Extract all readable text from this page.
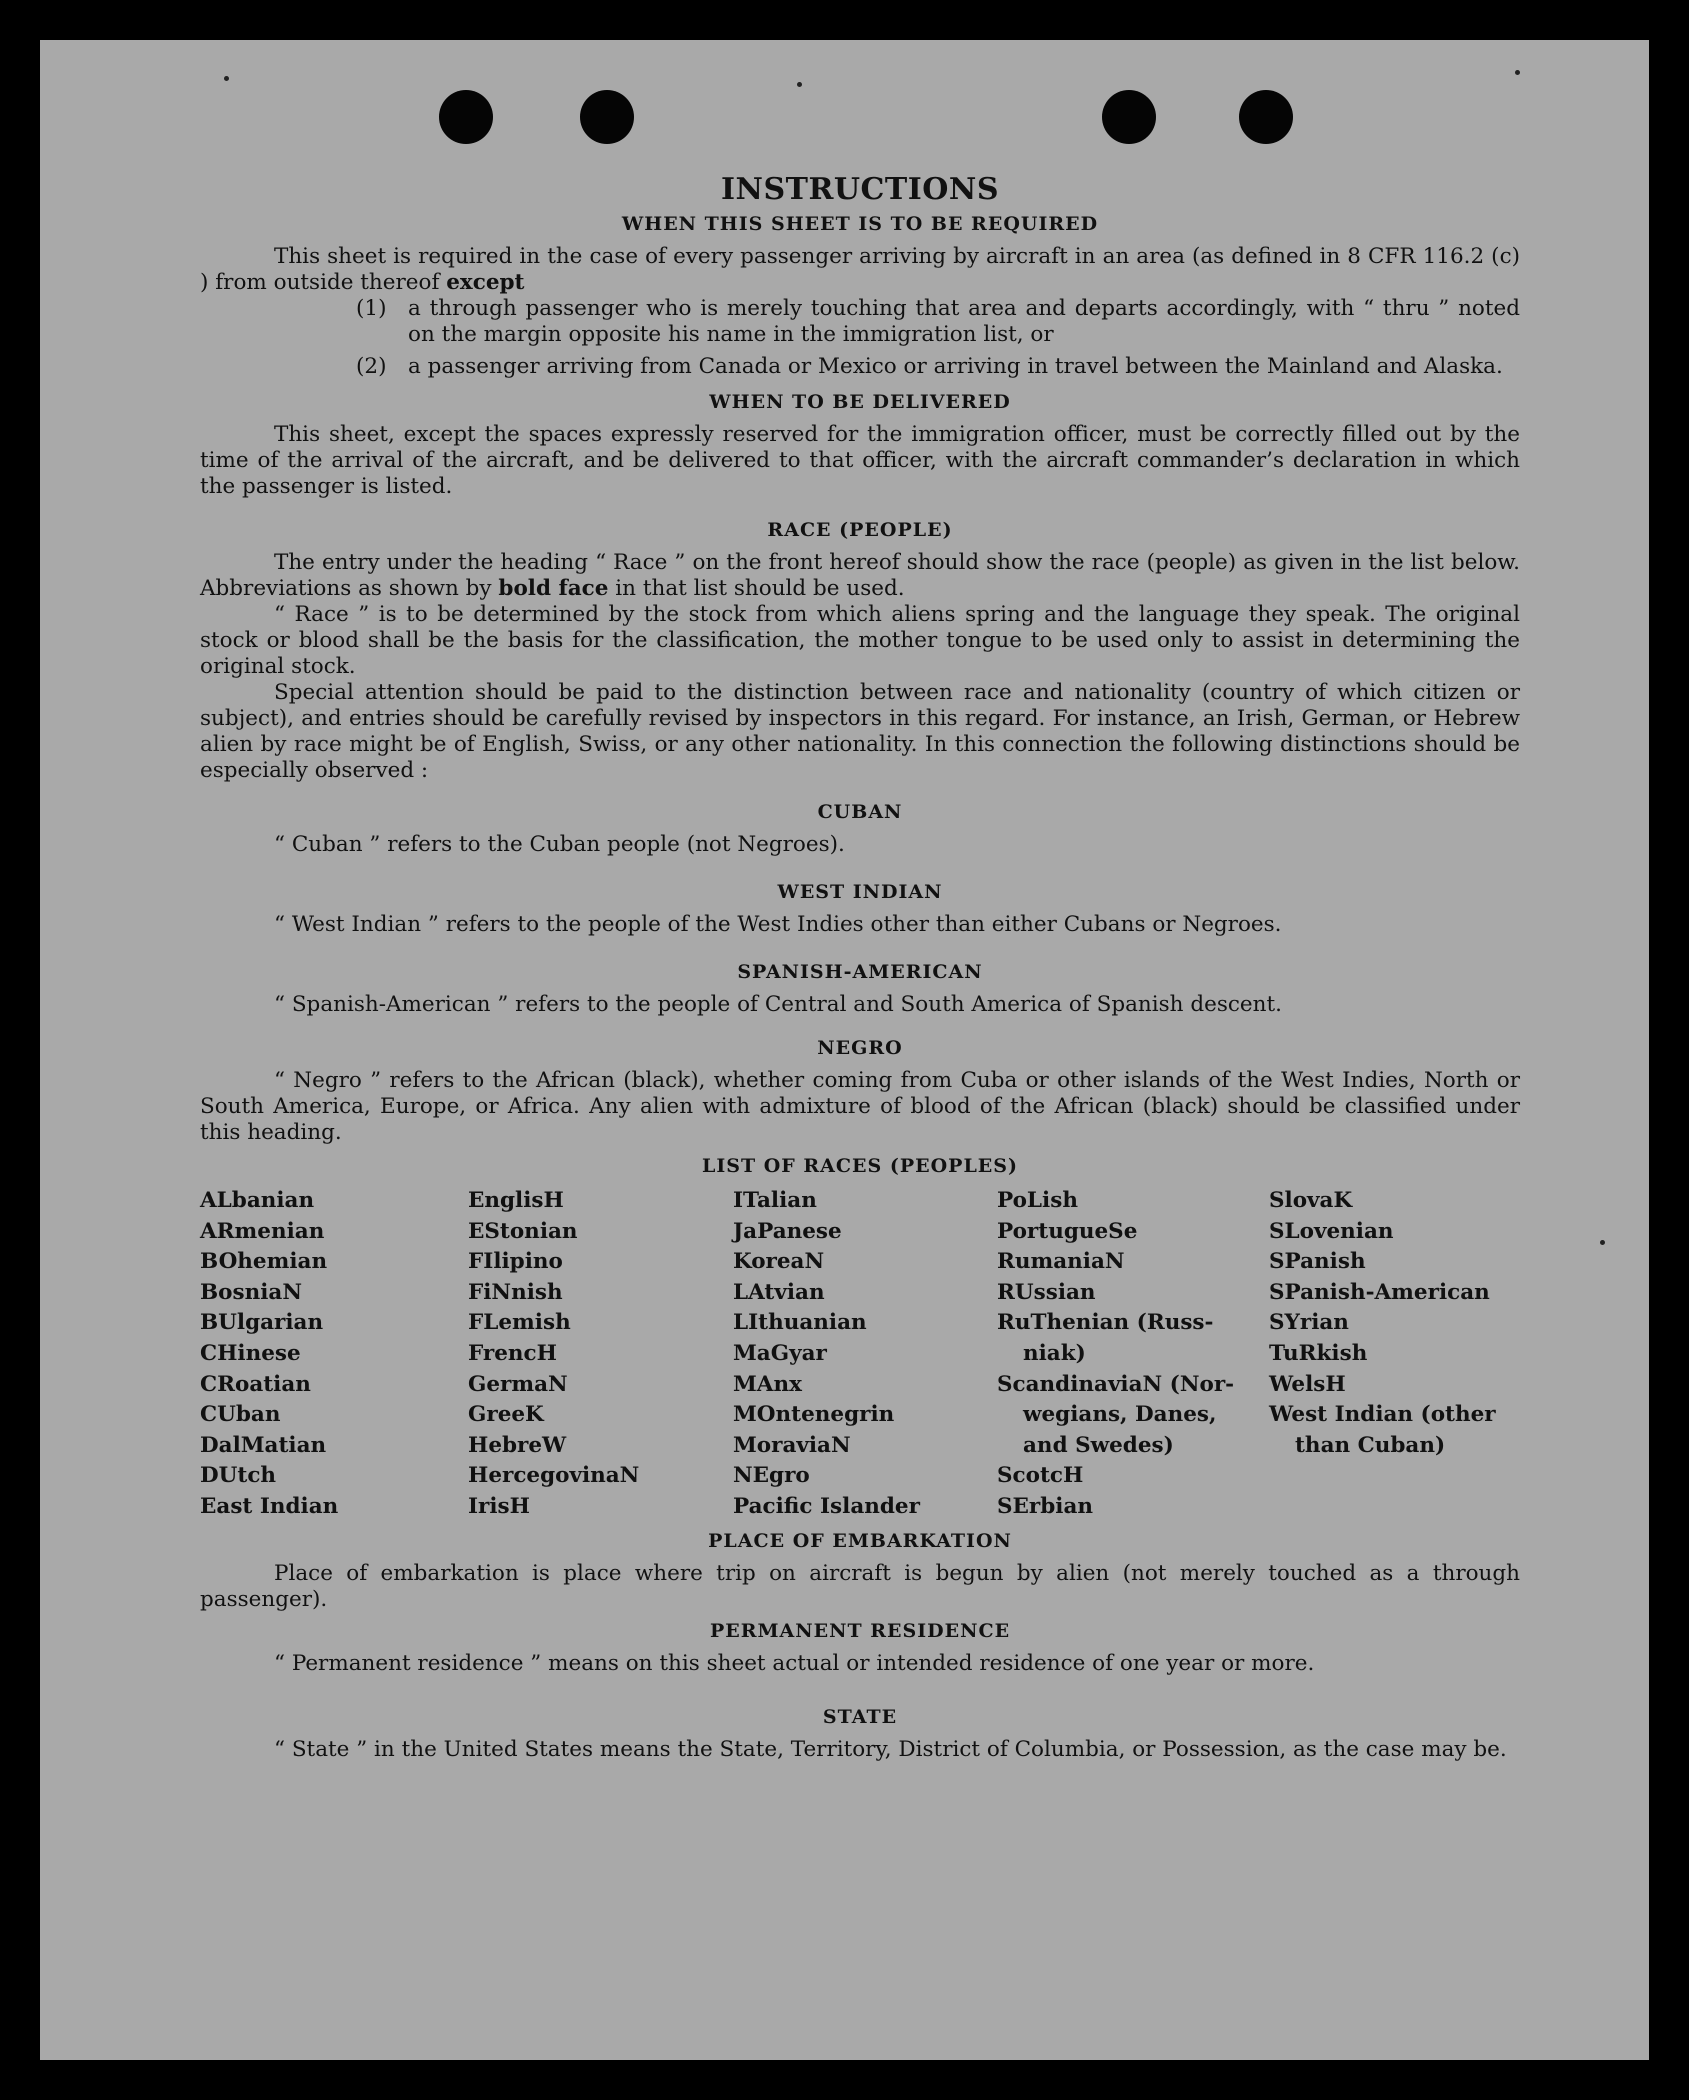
INSTRUCTIONS
WHEN THIS SHEET IS TO BE REQUIRED

This sheet is required in the case of every passenger arriving by aircraft in an area (as defined in 8 CFR 116.2 (c) ) from outside thereof except

(1)	a through passenger who is merely touching that area and departs accordingly, with “ thru ” noted on the margin opposite his name in the immigration list, or
(2)	a passenger arriving from Canada or Mexico or arriving in travel between the Mainland and Alaska.
WHEN TO BE DELIVERED

This sheet, except the spaces expressly reserved for the immigration officer, must be correctly filled out by the time of the arrival of the aircraft, and be delivered to that officer, with the aircraft commander’s declaration in which the passenger is listed.

RACE (PEOPLE)

The entry under the heading “ Race ” on the front hereof should show the race (people) as given in the list below. Abbreviations as shown by bold face in that list should be used.

“ Race ” is to be determined by the stock from which aliens spring and the language they speak. The original stock or blood shall be the basis for the classification, the mother tongue to be used only to assist in determining the original stock.

Special attention should be paid to the distinction between race and nationality (country of which citizen or subject), and entries should be carefully revised by inspectors in this regard. For instance, an Irish, German, or Hebrew alien by race might be of English, Swiss, or any other nationality. In this connection the following distinctions should be especially observed :

CUBAN

“ Cuban ” refers to the Cuban people (not Negroes).

WEST INDIAN

“ West Indian ” refers to the people of the West Indies other than either Cubans or Negroes.

SPANISH-AMERICAN

“ Spanish-American ” refers to the people of Central and South America of Spanish descent.

NEGRO

“ Negro ” refers to the African (black), whether coming from Cuba or other islands of the West Indies, North or South America, Europe, or Africa. Any alien with admixture of blood of the African (black) should be classified under this heading.

LIST OF RACES (PEOPLES)
ALbanian
ARmenian
BOhemian
BosniaN
BUlgarian
CHinese
CRoatian
CUban
DalMatian
DUtch
East Indian
EnglisH
EStonian
FIlipino
FiNnish
FLemish
FrencH
GermaN
GreeK
HebreW
HercegovinaN
IrisH
ITalian
JaPanese
KoreaN
LAtvian
LIthuanian
MaGyar
MAnx
MOntenegrin
MoraviaN
NEgro
Pacific Islander
PoLish
PortugueSe
RumaniaN
RUssian
RuThenian (Russ-
niak)
ScandinaviaN (Nor-
wegians, Danes,
and Swedes)
ScotcH
SErbian
SlovaK
SLovenian
SPanish
SPanish-American
SYrian
TuRkish
WelsH
West Indian (other
than Cuban)
PLACE OF EMBARKATION

Place of embarkation is place where trip on aircraft is begun by alien (not merely touched as a through passenger).

PERMANENT RESIDENCE

“ Permanent residence ” means on this sheet actual or intended residence of one year or more.

STATE

“ State ” in the United States means the State, Territory, District of Columbia, or Possession, as the case may be.
